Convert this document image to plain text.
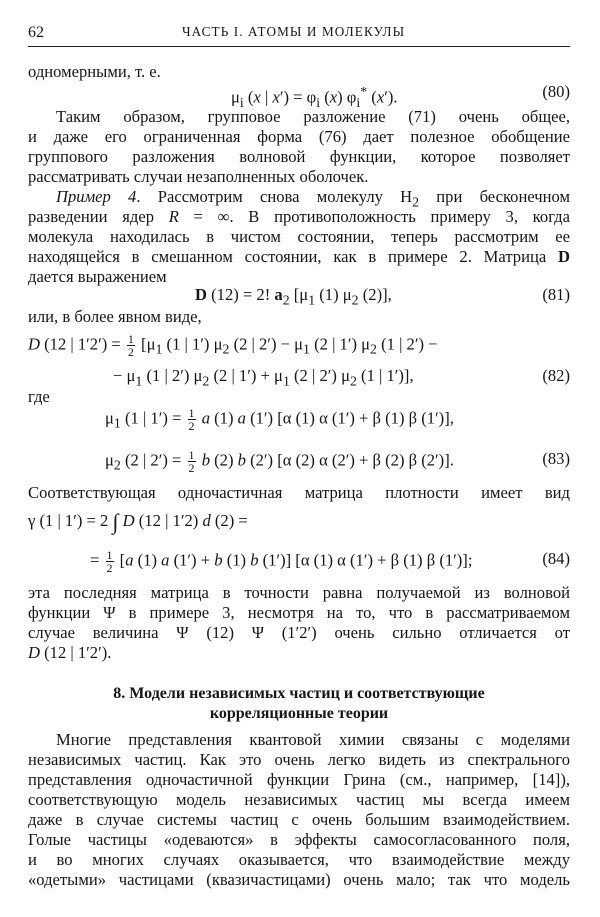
62	ЧАСТЬ I. АТОМЫ И МОЛЕКУЛЫ
одномерными, т. е.
$\mu_i$ (x | $x') = \varphi_i$ (x) $\varphi_i^*$ (x′).	(80)
Таким образом, групповое разложение (71) очень общее,
и даже его ограниченная форма (76) дает полезное обобщение
группового разложения волновой функции, которое позволяет
рассматривать случаи незаполненных оболочек.
Пример 4. Рассмотрим снова молекулу $H_2$ при бесконечном
разведении ядер R = ∞. В противоположность примеру 3, когда
молекула находилась в чистом состоянии, теперь рассмотрим ее
находящейся в смешанном состоянии, как в примере 2. Матрица D
дается выражением
D (12) = 2! $a_2$ [$\mu_1$ (1) $\mu_2$ (2)],	(81)
или, в более явном виде,
D (12 | $1'2') = \frac{1}{2} [\mu_1$ (1 | 1′) $\mu_2$ (2 | $2') - \mu_1$ (2 | 1′) $\mu_2$ (1 | 2′) −
− $\mu_1$ (1 | 2′) $\mu_2$ (2 | $1') + \mu_1$ (2 | 2′) $\mu_2$ (1 | 1′)],	(82)
где
$\mu_1$ (1 | $1') = \frac{1}{2}$ a (1) a (1′) [α (1) α (1′) + β (1) β (1′)],
$\mu_2$ (2 | $2') = \frac{1}{2}$ b (2) b (2′) [α (2) α (2′) + β (2) β (2′)].	(83)
Соответствующая одночастичная матрица плотности имеет вид
γ (1 | 1′) = 2 ∫ D (12 | 1′2) d (2) =
= $\frac{1}{2} [a$ (1) a (1′) + b (1) b (1′)] [α (1) α (1′) + β (1) β (1′)];	(84)
эта последняя матрица в точности равна получаемой из волновой
функции Ψ в примере 3, несмотря на то, что в рассматриваемом
случае величина Ψ (12) Ψ (1′2′) очень сильно отличается от
D (12 | 1′2′).
8. Модели независимых частиц и соответствующие
корреляционные теории
Многие представления квантовой химии связаны с моделями
независимых частиц. Как это очень легко видеть из спектрального
представления одночастичной функции Грина (см., например, [14]),
соответствующую модель независимых частиц мы всегда имеем
даже в случае системы частиц с очень большим взаимодействием.
Голые частицы «одеваются» в эффекты самосогласованного поля,
и во многих случаях оказывается, что взаимодействие между
«одетыми» частицами (квазичастицами) очень мало; так что модель
